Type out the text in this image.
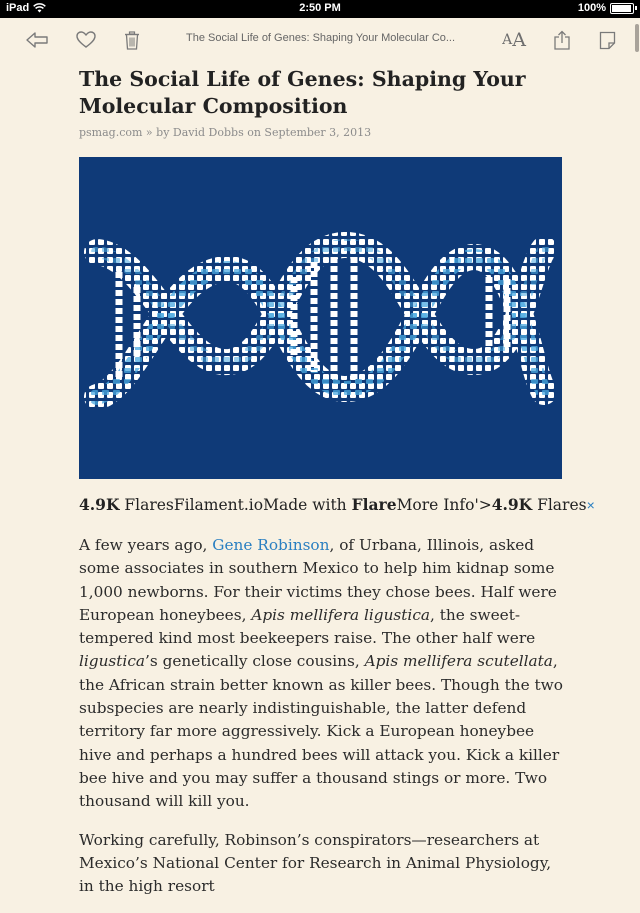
iPad	2:50 PM	100%
The Social Life of Genes: Shaping Your Molecular Co...	A A
The Social Life of Genes: Shaping Your Molecular Composition
psmag.com » by David Dobbs on September 3, 2013
4.9K FlaresFilament.ioMade with FlareMore Info'>4.9K Flares×

A few years ago, Gene Robinson, of Urbana, Illinois, asked some associates in southern Mexico to help him kidnap some 1,000 newborns. For their victims they chose bees. Half were European honeybees, Apis mellifera ligustica, the sweet-tempered kind most beekeepers raise. The other half were ligustica’s genetically close cousins, Apis mellifera scutellata, the African strain better known as killer bees. Though the two subspecies are nearly indistinguishable, the latter defend territory far more aggressively. Kick a European honeybee hive and perhaps a hundred bees will attack you. Kick a killer bee hive and you may suffer a thousand stings or more. Two thousand will kill you.

Working carefully, Robinson’s conspirators—researchers at Mexico’s National Center for Research in Animal Physiology, in the high resort
